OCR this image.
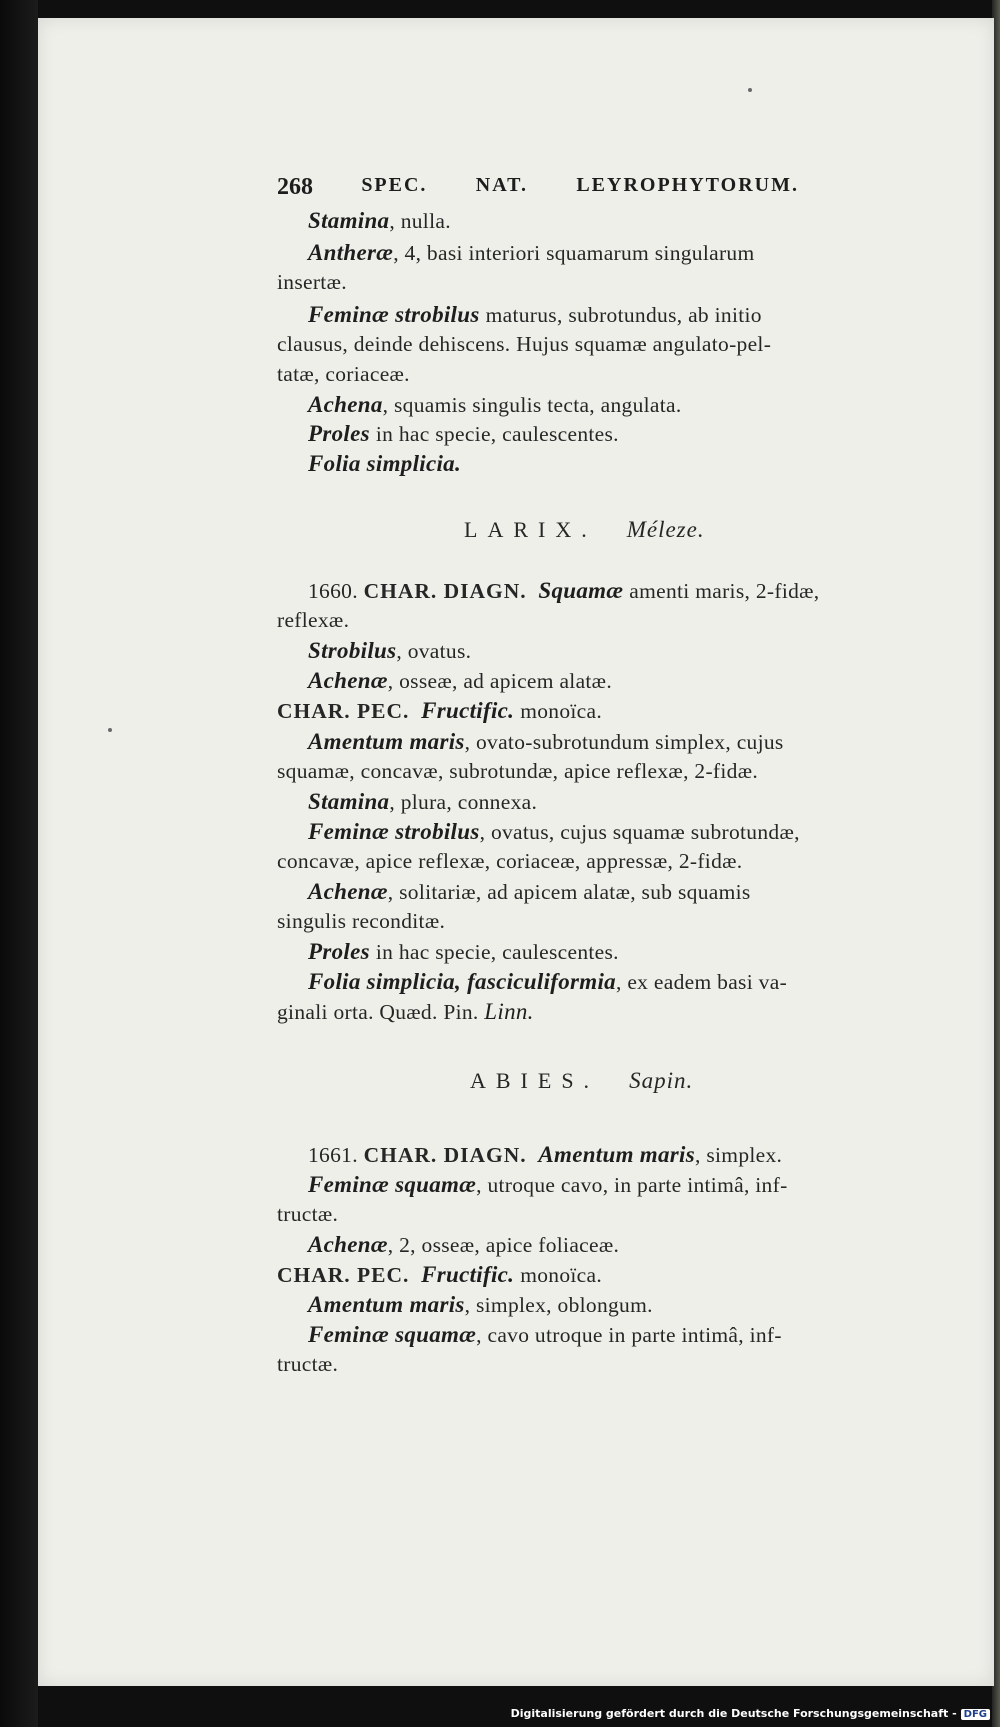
268 SPEC. NAT. LEYROPHYTORUM.
Stamina, nulla.
Antheræ, 4, basi interiori squamarum singularum
insertæ.
Feminæ strobilus maturus, subrotundus, ab initio
clausus, deinde dehiscens. Hujus squamæ angulato-pel-
tatæ, coriaceæ.
Achena, squamis singulis tecta, angulata.
Proles in hac specie, caulescentes.
Folia simplicia.
LARIX. Méleze.
1660. CHAR. DIAGN. Squamæ amenti maris, 2-fidæ,
reflexæ.
Strobilus, ovatus.
Achenæ, osseæ, ad apicem alatæ.
CHAR. PEC. Fructific. monoïca.
Amentum maris, ovato-subrotundum simplex, cujus
squamæ, concavæ, subrotundæ, apice reflexæ, 2-fidæ.
Stamina, plura, connexa.
Feminæ strobilus, ovatus, cujus squamæ subrotundæ,
concavæ, apice reflexæ, coriaceæ, appressæ, 2-fidæ.
Achenæ, solitariæ, ad apicem alatæ, sub squamis
singulis reconditæ.
Proles in hac specie, caulescentes.
Folia simplicia, fasciculiformia, ex eadem basi va-
ginali orta. Quæd. Pin. Linn.
ABIES. Sapin.
1661. CHAR. DIAGN. Amentum maris, simplex.
Feminæ squamæ, utroque cavo, in parte intimâ, inf-
tructæ.
Achenæ, 2, osseæ, apice foliaceæ.
CHAR. PEC. Fructific. monoïca.
Amentum maris, simplex, oblongum.
Feminæ squamæ, cavo utroque in parte intimâ, inf-
tructæ.
Digitalisierung gefördert durch die Deutsche Forschungsgemeinschaft - DFG
